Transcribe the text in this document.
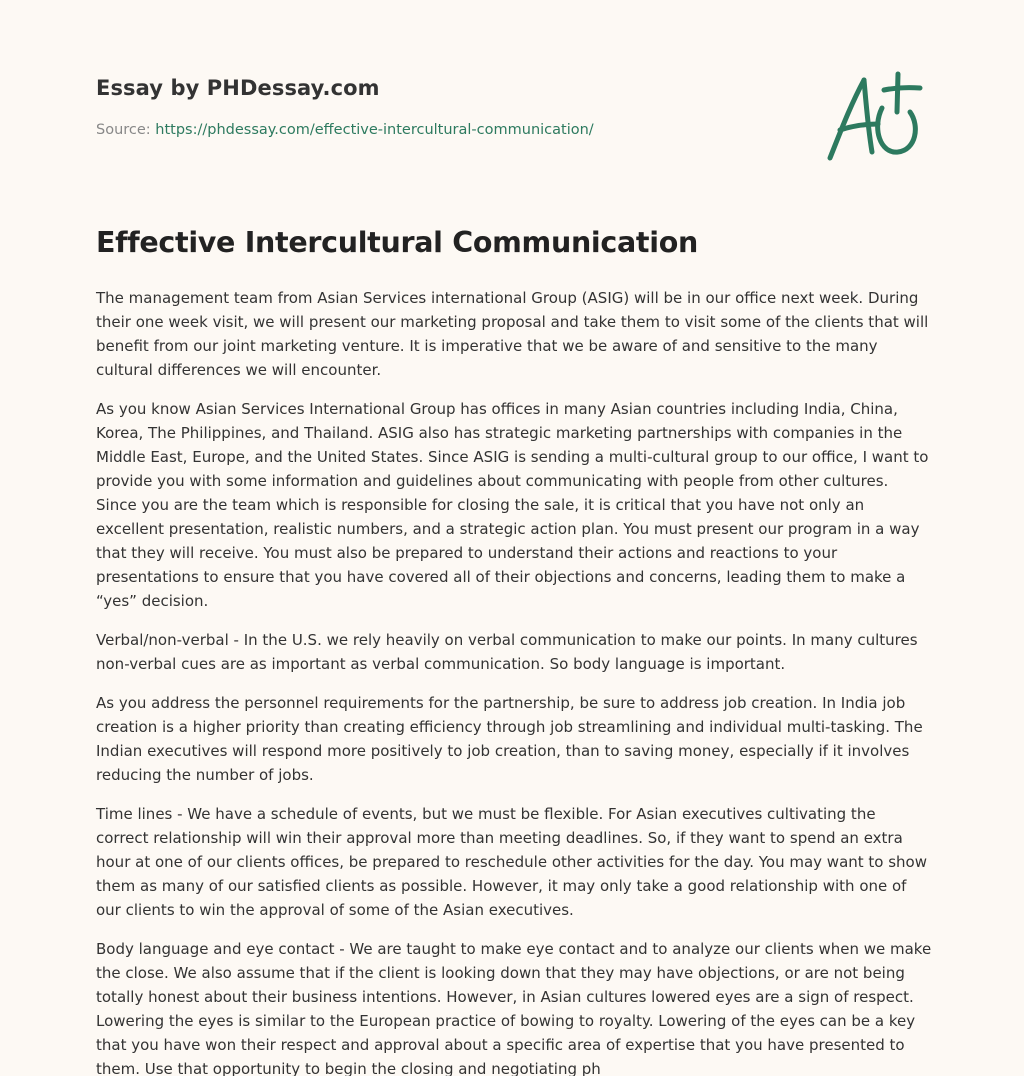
Essay by PHDessay.com
Source: https://phdessay.com/effective-intercultural-communication/
Effective Intercultural Communication

The management team from Asian Services international Group (ASIG) will be in our office next week. During their one week visit, we will present our marketing proposal and take them to visit some of the clients that will benefit from our joint marketing venture. It is imperative that we be aware of and sensitive to the many cultural differences we will encounter.

As you know Asian Services International Group has offices in many Asian countries including India, China, Korea, The Philippines, and Thailand. ASIG also has strategic marketing partnerships with companies in the Middle East, Europe, and the United States. Since ASIG is sending a multi-cultural group to our office, I want to provide you with some information and guidelines about communicating with people from other cultures. Since you are the team which is responsible for closing the sale, it is critical that you have not only an excellent presentation, realistic numbers, and a strategic action plan. You must present our program in a way that they will receive. You must also be prepared to understand their actions and reactions to your presentations to ensure that you have covered all of their objections and concerns, leading them to make a “yes” decision.

Verbal/non-verbal - In the U.S. we rely heavily on verbal communication to make our points. In many cultures non-verbal cues are as important as verbal communication. So body language is important.

As you address the personnel requirements for the partnership, be sure to address job creation. In India job creation is a higher priority than creating efficiency through job streamlining and individual multi-tasking. The Indian executives will respond more positively to job creation, than to saving money, especially if it involves reducing the number of jobs.

Time lines - We have a schedule of events, but we must be flexible. For Asian executives cultivating the correct relationship will win their approval more than meeting deadlines. So, if they want to spend an extra hour at one of our clients offices, be prepared to reschedule other activities for the day. You may want to show them as many of our satisfied clients as possible. However, it may only take a good relationship with one of our clients to win the approval of some of the Asian executives.

Body language and eye contact - We are taught to make eye contact and to analyze our clients when we make the close. We also assume that if the client is looking down that they may have objections, or are not being totally honest about their business intentions. However, in Asian cultures lowered eyes are a sign of respect. Lowering the eyes is similar to the European practice of bowing to royalty. Lowering of the eyes can be a key that you have won their respect and approval about a specific area of expertise that you have presented to them. Use that opportunity to begin the closing and negotiating ph
